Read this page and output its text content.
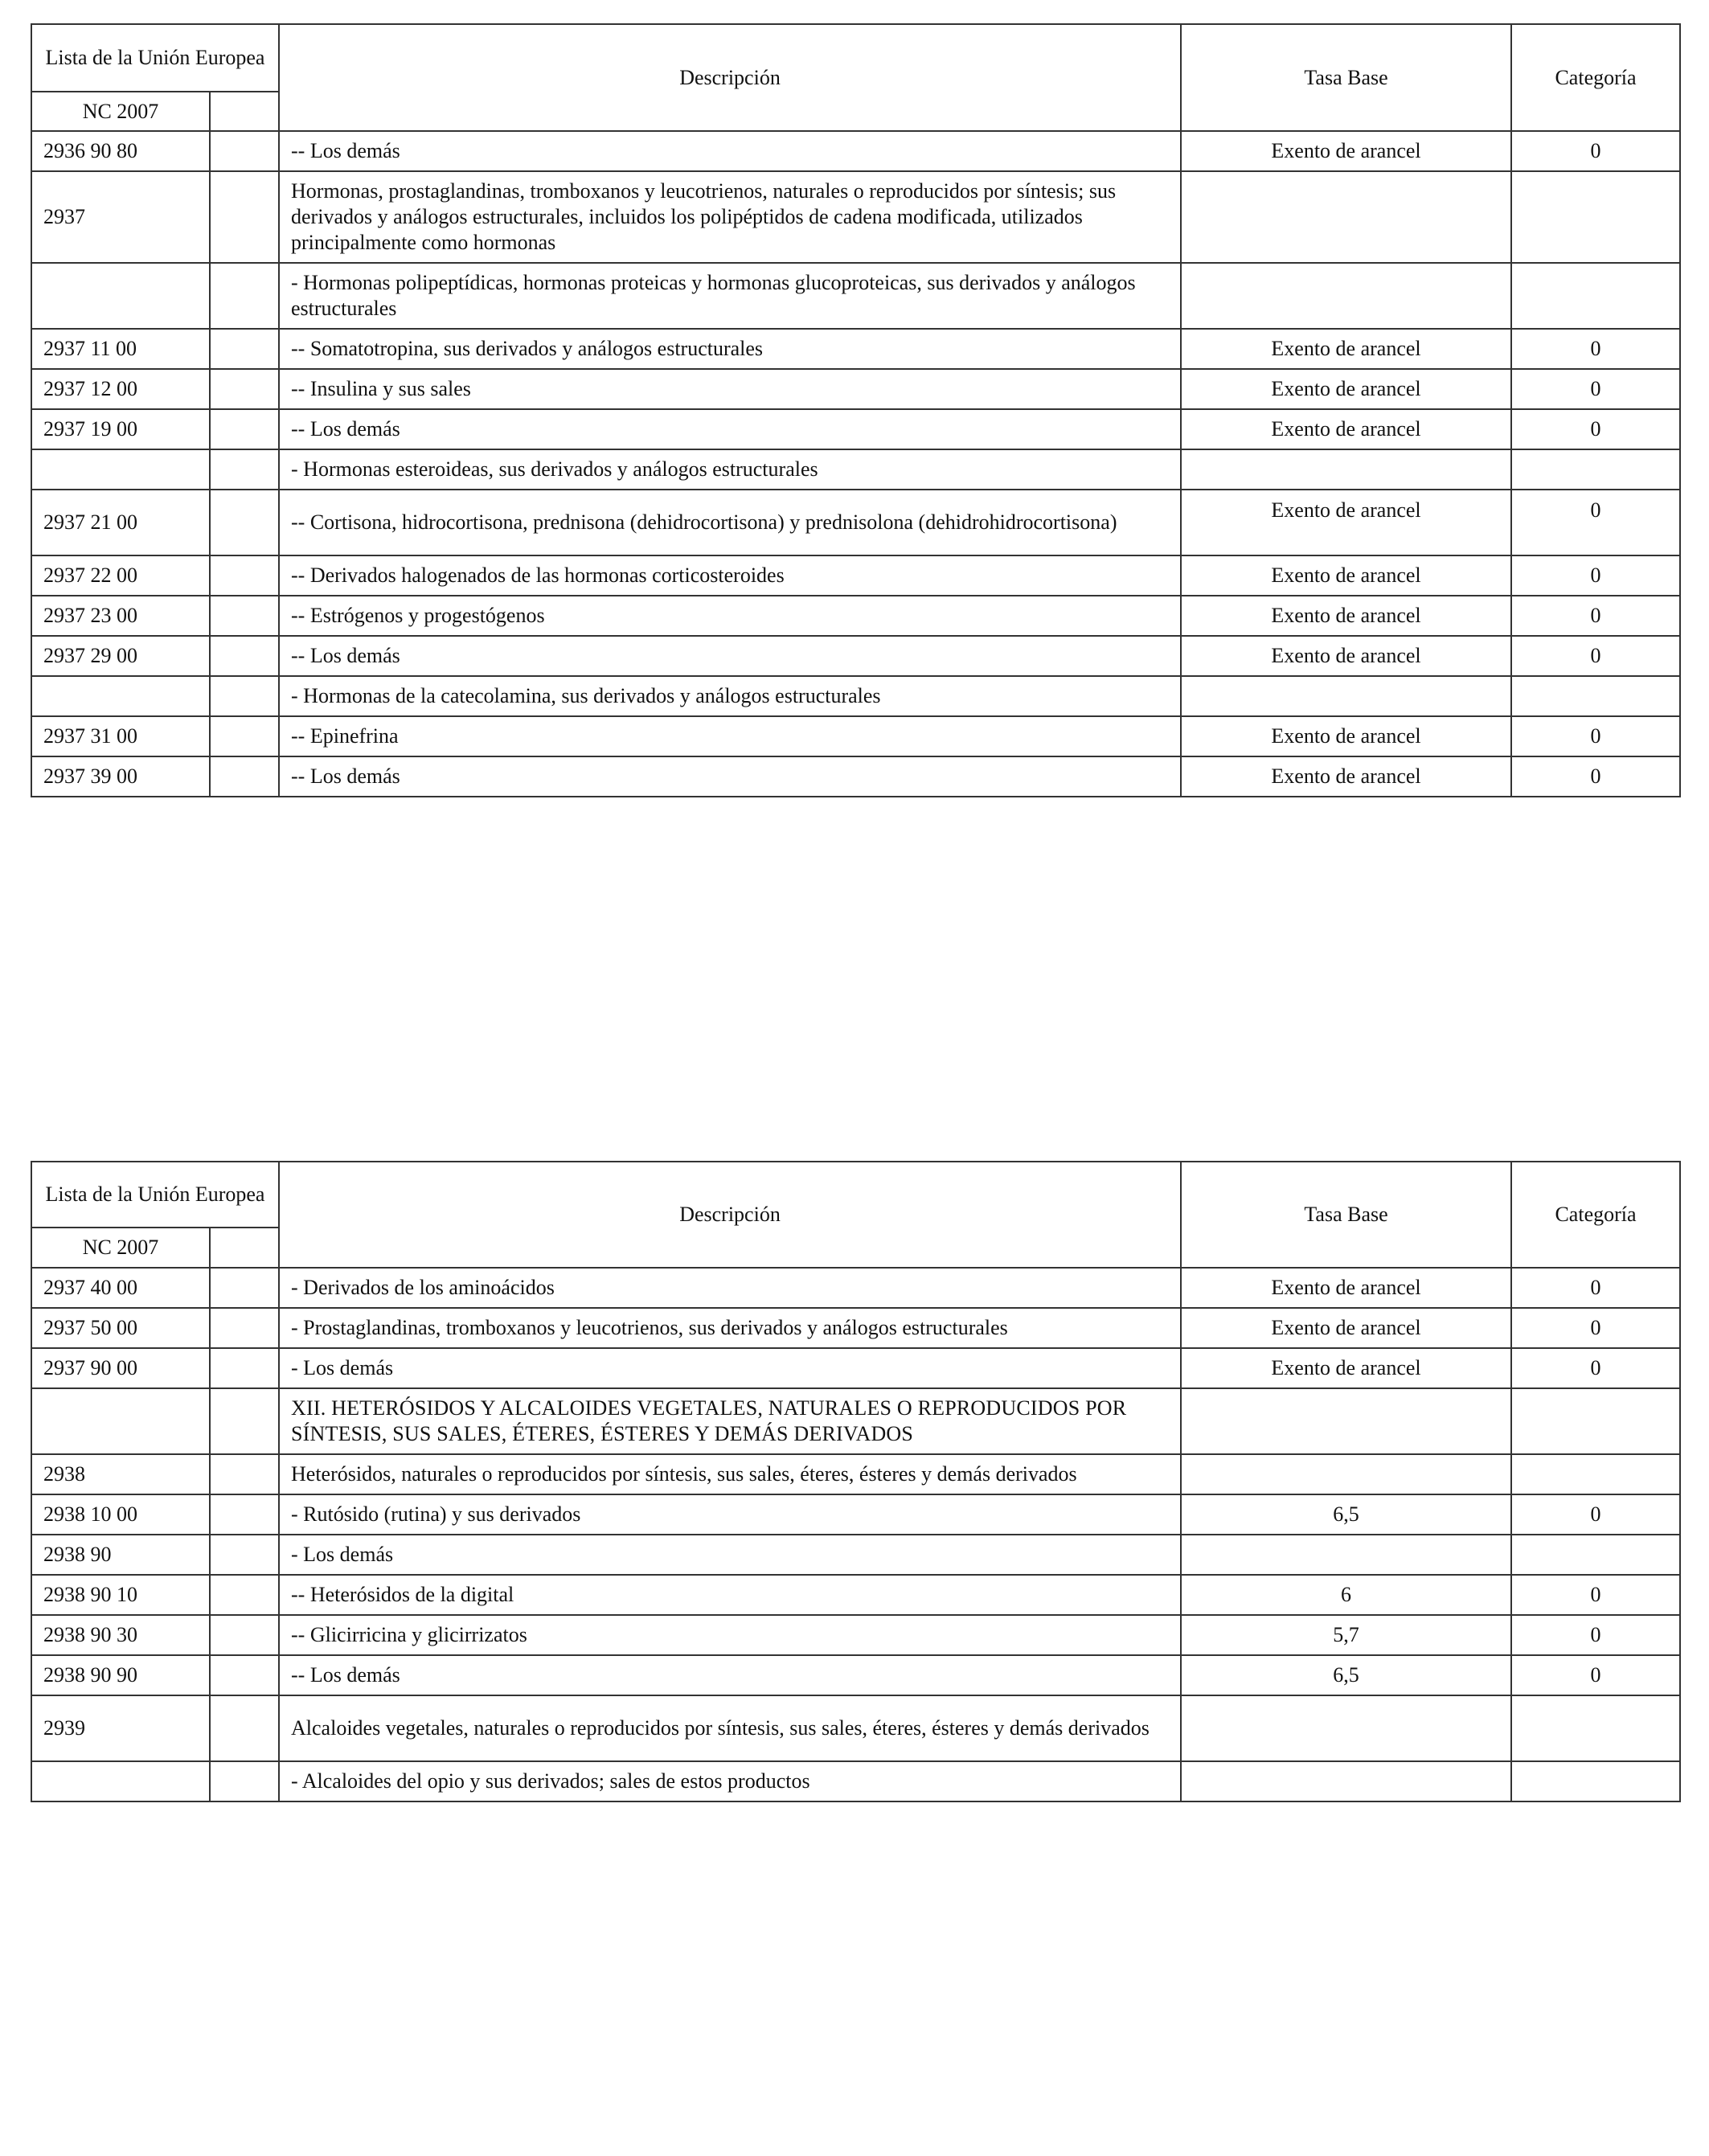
Lista de la Unión Europea		Descripción	Tasa Base	Categoría
NC 2007				
2936 90 80		-- Los demás	Exento de arancel	0
2937		Hormonas, prostaglandinas, tromboxanos y leucotrienos, naturales o reproducidos por síntesis; sus derivados y análogos estructurales, incluidos los polipéptidos de cadena modificada, utilizados principalmente como hormonas		
		- Hormonas polipeptídicas, hormonas proteicas y hormonas glucoproteicas, sus derivados y análogos estructurales		
2937 11 00		-- Somatotropina, sus derivados y análogos estructurales	Exento de arancel	0
2937 12 00		-- Insulina y sus sales	Exento de arancel	0
2937 19 00		-- Los demás	Exento de arancel	0
		- Hormonas esteroideas, sus derivados y análogos estructurales		
2937 21 00		-- Cortisona, hidrocortisona, prednisona (dehidrocortisona) y prednisolona (dehidrohidrocortisona)	Exento de arancel	0
2937 22 00		-- Derivados halogenados de las hormonas corticosteroides	Exento de arancel	0
2937 23 00		-- Estrógenos y progestógenos	Exento de arancel	0
2937 29 00		-- Los demás	Exento de arancel	0
		- Hormonas de la catecolamina, sus derivados y análogos estructurales		
2937 31 00		-- Epinefrina	Exento de arancel	0
2937 39 00		-- Los demás	Exento de arancel	0
Lista de la Unión Europea		Descripción	Tasa Base	Categoría
NC 2007				
2937 40 00		- Derivados de los aminoácidos	Exento de arancel	0
2937 50 00		- Prostaglandinas, tromboxanos y leucotrienos, sus derivados y análogos estructurales	Exento de arancel	0
2937 90 00		- Los demás	Exento de arancel	0
		XII. HETERÓSIDOS Y ALCALOIDES VEGETALES, NATURALES O REPRODUCIDOS POR SÍNTESIS, SUS SALES, ÉTERES, ÉSTERES Y DEMÁS DERIVADOS		
2938		Heterósidos, naturales o reproducidos por síntesis, sus sales, éteres, ésteres y demás derivados		
2938 10 00		- Rutósido (rutina) y sus derivados	6,5	0
2938 90		- Los demás		
2938 90 10		-- Heterósidos de la digital	6	0
2938 90 30		-- Glicirricina y glicirrizatos	5,7	0
2938 90 90		-- Los demás	6,5	0
2939		Alcaloides vegetales, naturales o reproducidos por síntesis, sus sales, éteres, ésteres y demás derivados		
		- Alcaloides del opio y sus derivados; sales de estos productos		
